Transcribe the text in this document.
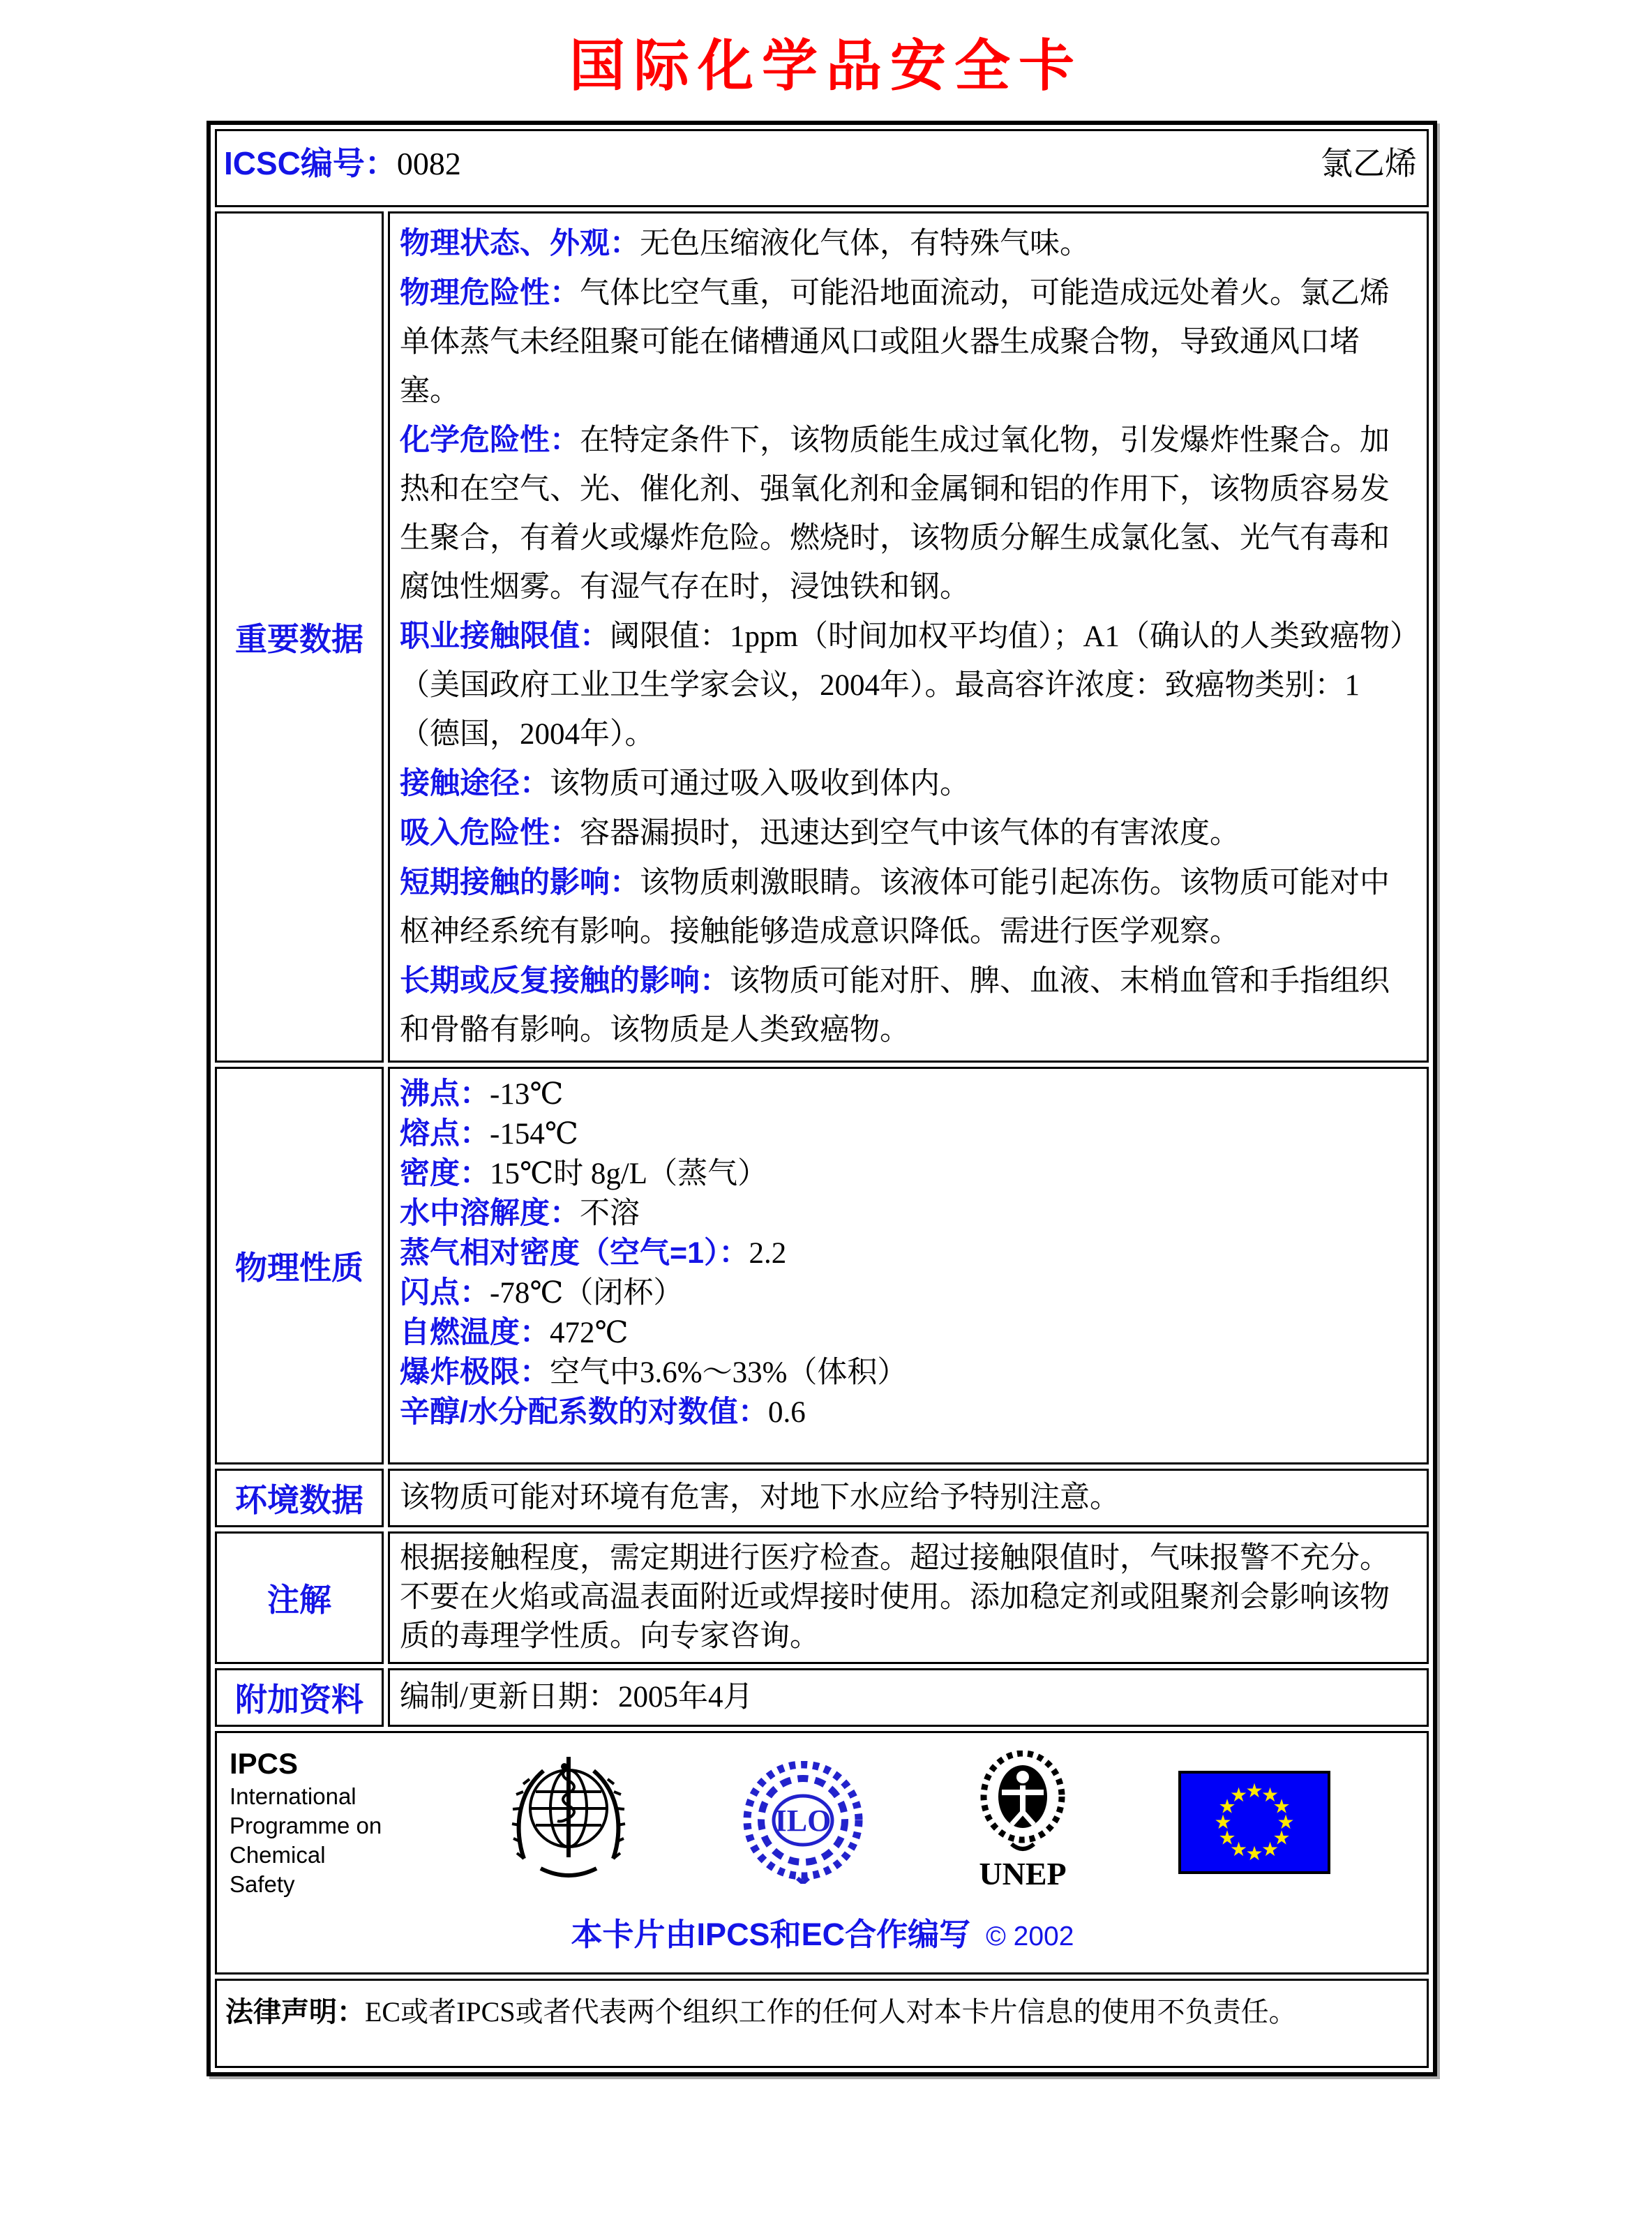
国际化学品安全卡
ICSC编号：0082 氯乙烯	

重要数据	
物理状态、外观：无色压缩液化气体，有特殊气味。
物理危险性：气体比空气重，可能沿地面流动，可能造成远处着火。氯乙烯单体蒸气未经阻聚可能在储槽通风口或阻火器生成聚合物，导致通风口堵塞。
化学危险性：在特定条件下，该物质能生成过氧化物，引发爆炸性聚合。加热和在空气、光、催化剂、强氧化剂和金属铜和铝的作用下，该物质容易发生聚合，有着火或爆炸危险。燃烧时，该物质分解生成氯化氢、光气有毒和腐蚀性烟雾。有湿气存在时，浸蚀铁和钢。
职业接触限值：阈限值：1ppm（时间加权平均值）；A1（确认的人类致癌物）（美国政府工业卫生学家会议，2004年）。最高容许浓度：致癌物类别：1（德国，2004年）。
接触途径：该物质可通过吸入吸收到体内。
吸入危险性：容器漏损时，迅速达到空气中该气体的有害浓度。
短期接触的影响：该物质刺激眼睛。该液体可能引起冻伤。该物质可能对中枢神经系统有影响。接触能够造成意识降低。需进行医学观察。
长期或反复接触的影响：该物质可能对肝、脾、血液、末梢血管和手指组织和骨骼有影响。该物质是人类致癌物。

物理性质	
沸点：-13℃
熔点：-154℃
密度：15℃时 8g/L（蒸气）
水中溶解度：不溶
蒸气相对密度（空气=1）：2.2
闪点：-78℃（闭杯）
自燃温度：472℃
爆炸极限：空气中3.6%～33%（体积）
辛醇/水分配系数的对数值：0.6

环境数据	该物质可能对环境有危害，对地下水应给予特别注意。

注解	根据接触程度，需定期进行医疗检查。超过接触限值时，气味报警不充分。不要在火焰或高温表面附近或焊接时使用。添加稳定剂或阻聚剂会影响该物质的毒理学性质。向专家咨询。

附加资料	编制/更新日期：2005年4月

IPCS
International
Programme on
Chemical Safety
ILO
UNEP
★
★
★
★
★
★
★
★
★
★
★
★
本卡片由IPCS和EC合作编写 © 2002

法律声明：EC或者IPCS或者代表两个组织工作的任何人对本卡片信息的使用不负责任。	
